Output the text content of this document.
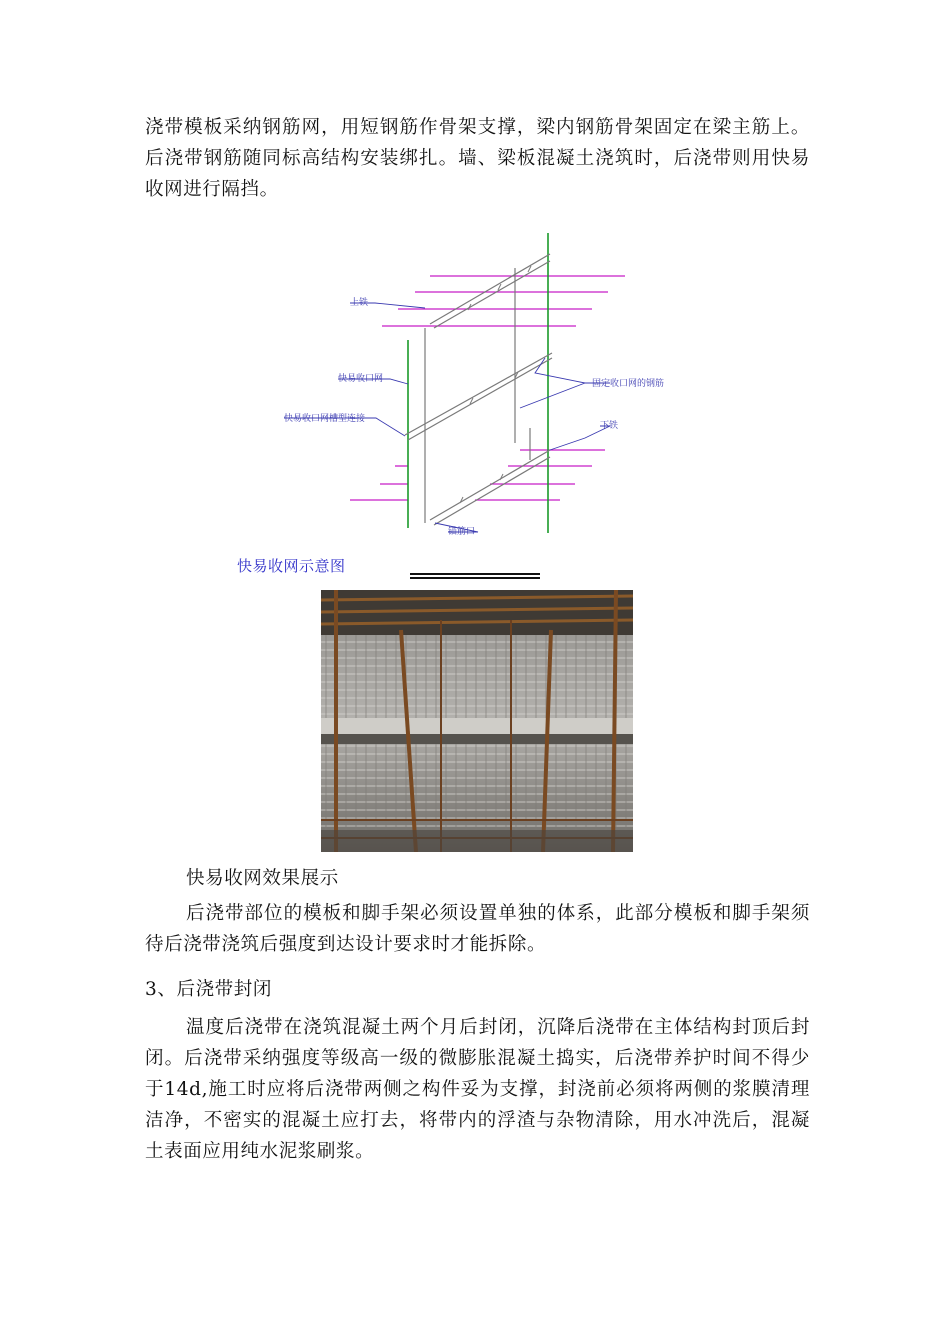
浇带模板采纳钢筋网，用短钢筋作骨架支撑，梁内钢筋骨架固定在梁主筋上。后浇带钢筋随同标高结构安装绑扎。墙、梁板混凝土浇筑时，后浇带则用快易收网进行隔挡。

上铁
快易收口网
快易收口网槽型连接
固定收口网的钢筋
下铁
锚筋口
快易收网示意图

快易收网效果展示

后浇带部位的模板和脚手架必须设置单独的体系，此部分模板和脚手架须待后浇带浇筑后强度到达设计要求时才能拆除。

3、后浇带封闭

温度后浇带在浇筑混凝土两个月后封闭，沉降后浇带在主体结构封顶后封闭。后浇带采纳强度等级高一级的微膨胀混凝土捣实，后浇带养护时间不得少于14d,施工时应将后浇带两侧之构件妥为支撑，封浇前必须将两侧的浆膜清理洁净，不密实的混凝土应打去，将带内的浮渣与杂物清除，用水冲洗后，混凝土表面应用纯水泥浆刷浆。
